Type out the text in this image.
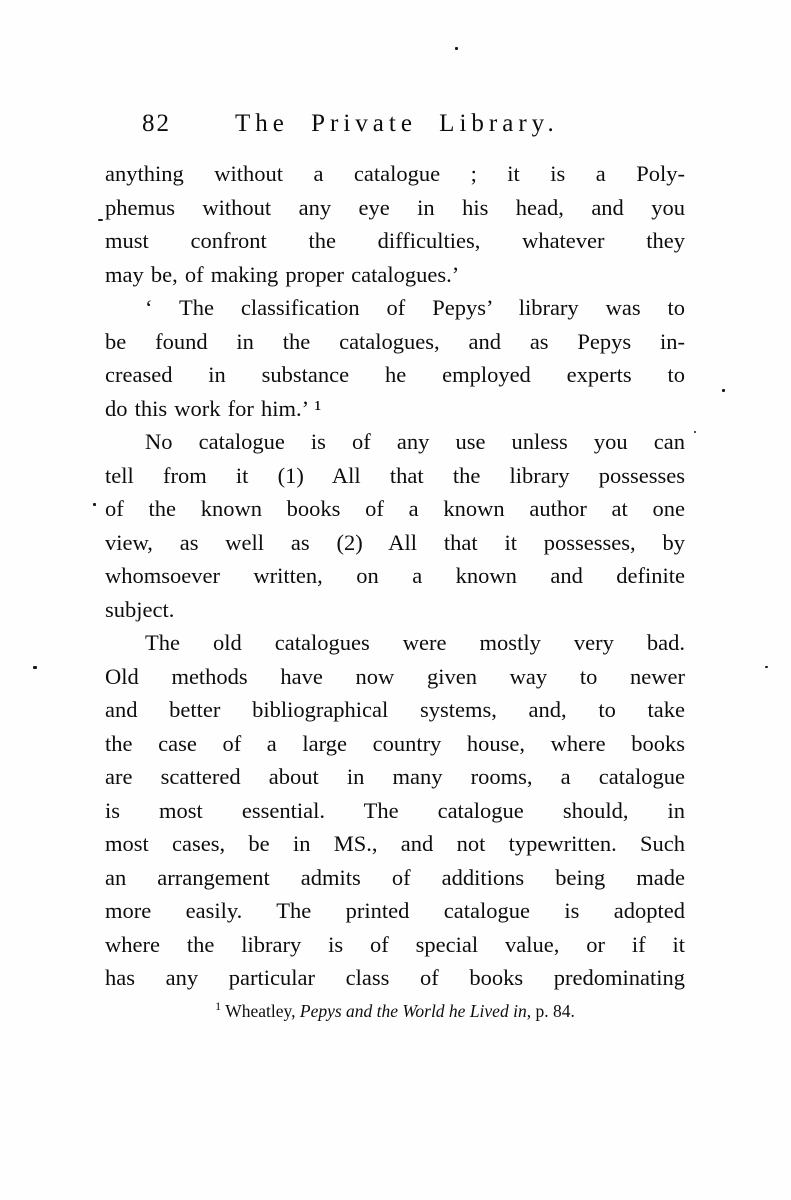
82	The Private Library.
anything without a catalogue ; it is a Poly-
phemus without any eye in his head, and you
must confront the difficulties, whatever they
may be, of making proper catalogues.’
‘ The classification of Pepys’ library was to
be found in the catalogues, and as Pepys in-
creased in substance he employed experts to
do this work for him.’ ¹
No catalogue is of any use unless you can
tell from it (1) All that the library possesses
of the known books of a known author at one
view, as well as (2) All that it possesses, by
whomsoever written, on a known and definite
subject.
The old catalogues were mostly very bad.
Old methods have now given way to newer
and better bibliographical systems, and, to take
the case of a large country house, where books
are scattered about in many rooms, a catalogue
is most essential. The catalogue should, in
most cases, be in MS., and not typewritten. Such
an arrangement admits of additions being made
more easily. The printed catalogue is adopted
where the library is of special value, or if it
has any particular class of books predominating
$^1$ Wheatley, Pepys and the World he Lived in, p. 84.
